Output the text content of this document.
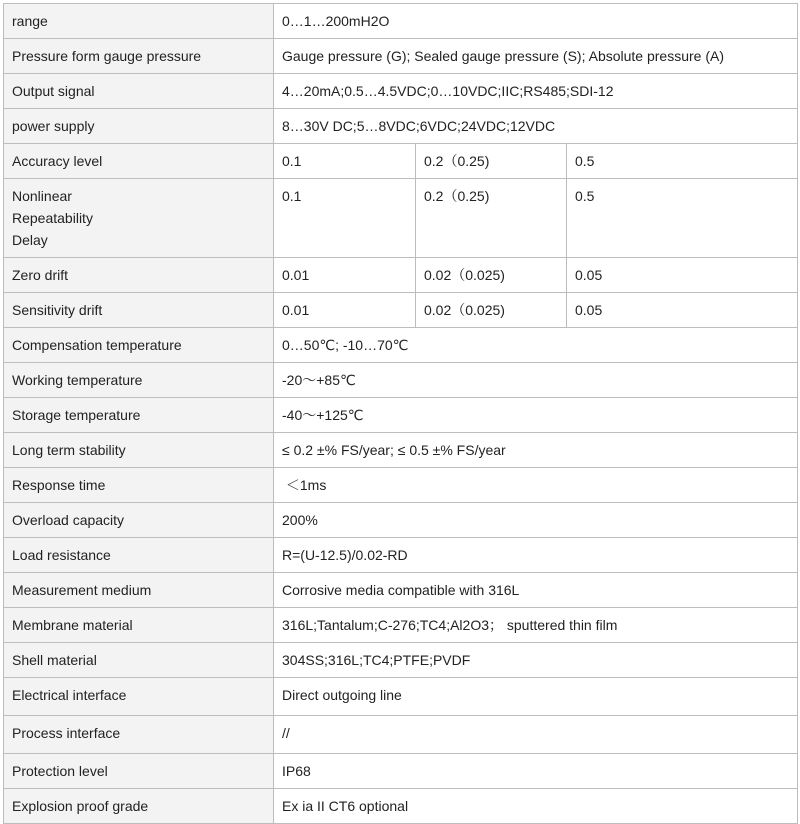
range	0…1…200mH2O		
Pressure form gauge pressure	Gauge pressure (G); Sealed gauge pressure (S); Absolute pressure (A)		
Output signal	4…20mA;0.5…4.5VDC;0…10VDC;IIC;RS485;SDI-12		
power supply	8…30V DC;5…8VDC;6VDC;24VDC;12VDC		
Accuracy level	0.1	0.2（0.25)	0.5
Nonlinear
Repeatability
Delay	0.1	0.2（0.25)	0.5
Zero drift	0.01	0.02（0.025)	0.05
Sensitivity drift	0.01	0.02（0.025)	0.05
Compensation temperature	0…50℃; -10…70℃		
Working temperature	-20～+85℃		
Storage temperature	-40～+125℃		
Long term stability	≤ 0.2 ±% FS/year; ≤ 0.5 ±% FS/year		
Response time	＜1ms		
Overload capacity	200%		
Load resistance	R=(U-12.5)/0.02-RD		
Measurement medium	Corrosive media compatible with 316L		
Membrane material	316L;Tantalum;C-276;TC4;Al2O3； sputtered thin film		
Shell material	304SS;316L;TC4;PTFE;PVDF		
Electrical interface	Direct outgoing line		
Process interface	//		
Protection level	IP68		
Explosion proof grade	Ex ia II CT6 optional		
